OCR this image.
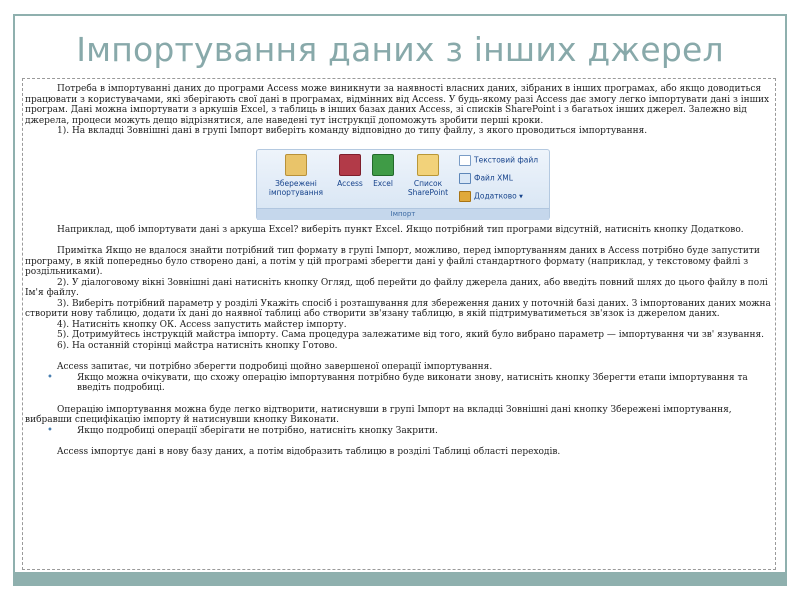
Імпортування даних з інших джерел

Потреба в імпортуванні даних до програми Access може виникнути за наявності власних даних, зібраних в інших програмах, або якщо доводиться працювати з користувачами, які зберігають свої дані в програмах, відмінних від Access. У будь-якому разі Access дає змогу легко імпортувати дані з інших програм. Дані можна імпортувати з аркушів Excel, з таблиць в інших базах даних Access, зі списків SharePoint і з багатьох інших джерел. Залежно від джерела, процеси можуть дещо відрізнятися, але наведені тут інструкції допоможуть зробити перші кроки.

1). На вкладці Зовнішні дані в групі Імпорт виберіть команду відповідно до типу файлу, з якого проводиться імпортування.

Наприклад, щоб імпортувати дані з аркуша Excel? виберіть пункт Excel. Якщо потрібний тип програми відсутній, натисніть кнопку Додатково.

Примітка Якщо не вдалося знайти потрібний тип формату в групі Імпорт, можливо, перед імпортуванням даних в Access потрібно буде запустити програму, в якій попередньо було створено дані, а потім у цій програмі зберегти дані у файлі стандартного формату (наприклад, у текстовому файлі з роздільниками).

2). У діалоговому вікні Зовнішні дані натисніть кнопку Огляд, щоб перейти до файлу джерела даних, або введіть повний шлях до цього файлу в полі Ім'я файлу.

3). Виберіть потрібний параметр у розділі Укажіть спосіб і розташування для збереження даних у поточній базі даних. З імпортованих даних можна створити нову таблицю, додати їх дані до наявної таблиці або створити зв'язану таблицю, в якій підтримуватиметься зв'язок із джерелом даних.

4). Натисніть кнопку ОК. Access запустить майстер імпорту.

5). Дотримуйтесь інструкцій майстра імпорту. Сама процедура залежатиме від того, який було вибрано параметр — імпортування чи зв' язування.

6). На останній сторінці майстра натисніть кнопку Готово.

Access запитає, чи потрібно зберегти подробиці щойно завершеної операції імпортування.

• Якщо можна очікувати, що схожу операцію імпортування потрібно буде виконати знову, натисніть кнопку Зберегти етапи імпортування та введіть подробиці.

Операцію імпортування можна буде легко відтворити, натиснувши в групі Імпорт на вкладці Зовнішні дані кнопку Збережені імпортування, вибравши специфікацію імпорту й натиснувши кнопку Виконати.

• Якщо подробиці операції зберігати не потрібно, натисніть кнопку Закрити.

Access імпортує дані в нову базу даних, а потім відобразить таблицю в розділі Таблиці області переходів.

Збережені
імпортування
Access	Excel	Список
SharePoint
Текстовий файл
Файл XML
Додатково ▾
Імпорт
